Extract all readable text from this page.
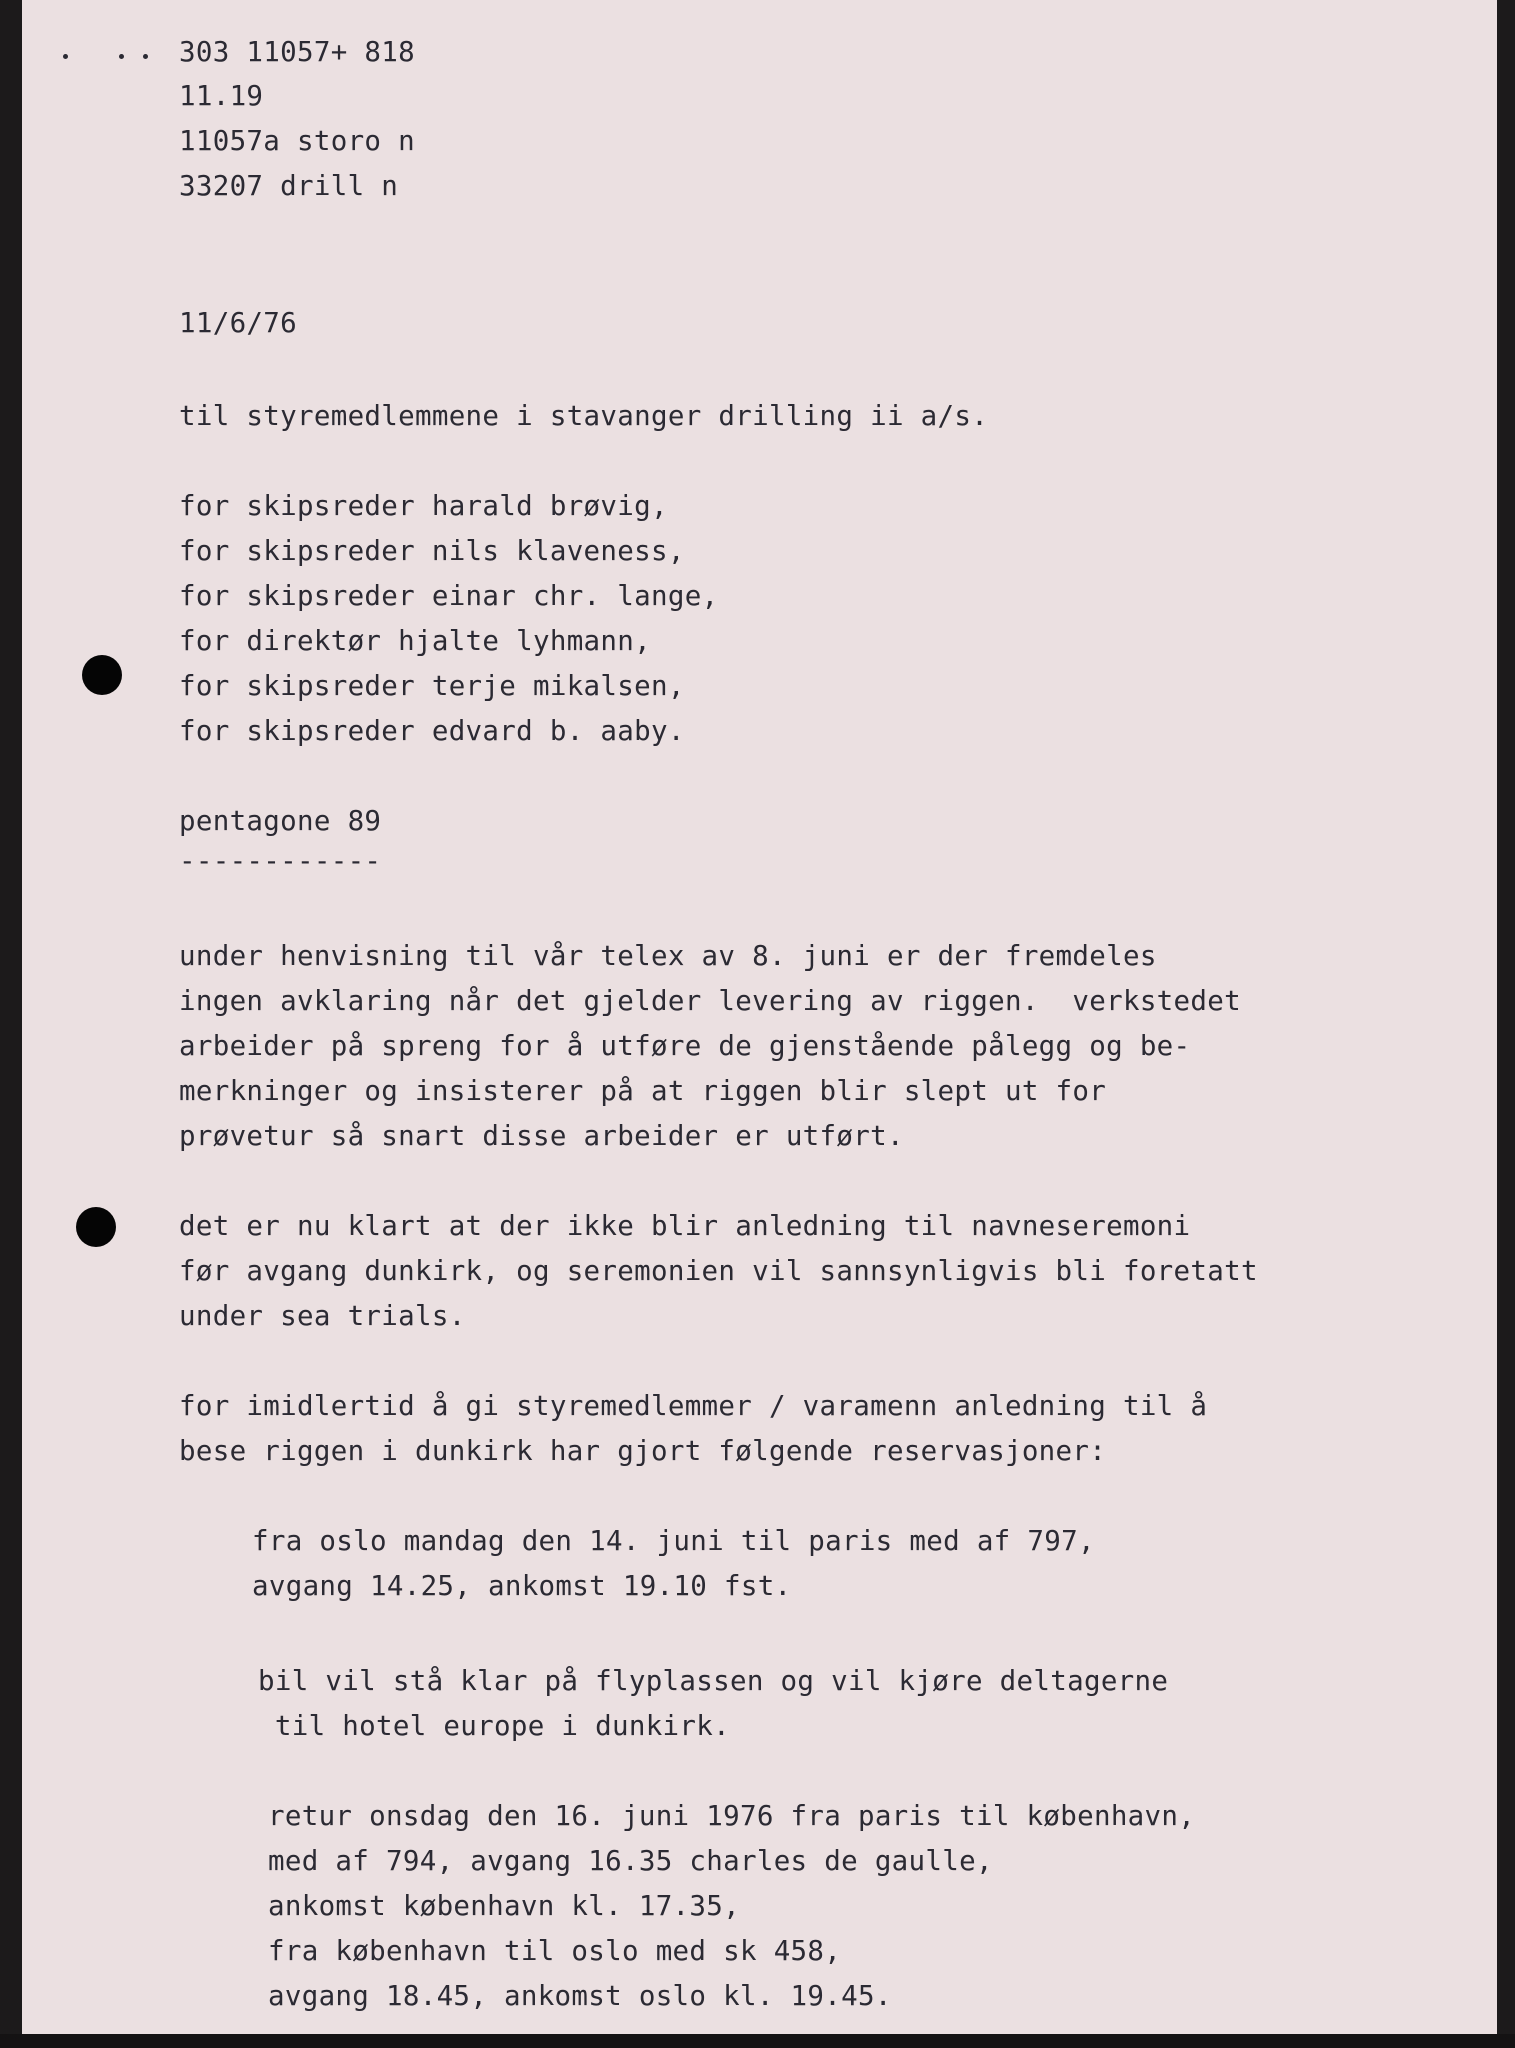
303 11057+ 818
11.19
11057a storo n
33207 drill n
11/6/76
til styremedlemmene i stavanger drilling ii a/s.
for skipsreder harald brøvig,
for skipsreder nils klaveness,
for skipsreder einar chr. lange,
for direktør hjalte lyhmann,
for skipsreder terje mikalsen,
for skipsreder edvard b. aaby.
pentagone 89
------------
under henvisning til vår telex av 8. juni er der fremdeles
ingen avklaring når det gjelder levering av riggen.  verkstedet
arbeider på spreng for å utføre de gjenstående pålegg og be-
merkninger og insisterer på at riggen blir slept ut for
prøvetur så snart disse arbeider er utført.
det er nu klart at der ikke blir anledning til navneseremoni
før avgang dunkirk, og seremonien vil sannsynligvis bli foretatt
under sea trials.
for imidlertid å gi styremedlemmer / varamenn anledning til å
bese riggen i dunkirk har gjort følgende reservasjoner:
fra oslo mandag den 14. juni til paris med af 797,
avgang 14.25, ankomst 19.10 fst.
bil vil stå klar på flyplassen og vil kjøre deltagerne
til hotel europe i dunkirk.
retur onsdag den 16. juni 1976 fra paris til københavn,
med af 794, avgang 16.35 charles de gaulle,
ankomst københavn kl. 17.35,
fra københavn til oslo med sk 458,
avgang 18.45, ankomst oslo kl. 19.45.
